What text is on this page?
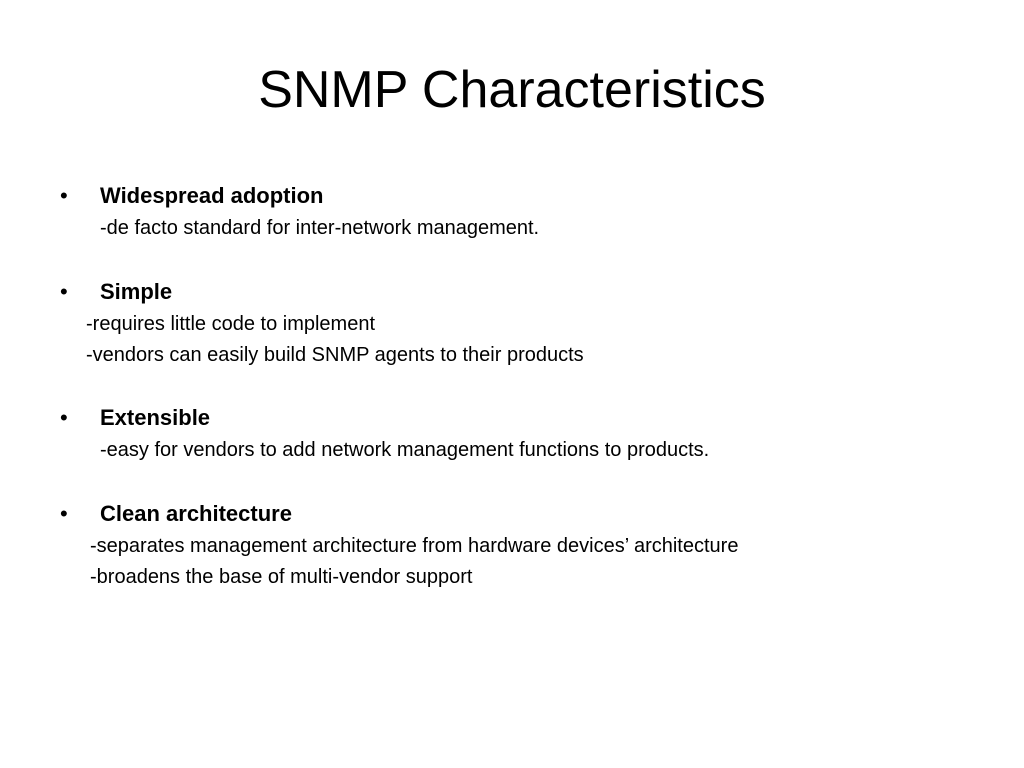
SNMP Characteristics
• Widespread adoption
-de facto standard for inter-network management.
• Simple
-requires little code to implement
-vendors can easily build SNMP agents to their products
• Extensible
-easy for vendors to add network management functions to products.
• Clean architecture
-separates management architecture from hardware devices’ architecture
-broadens the base of multi-vendor support
